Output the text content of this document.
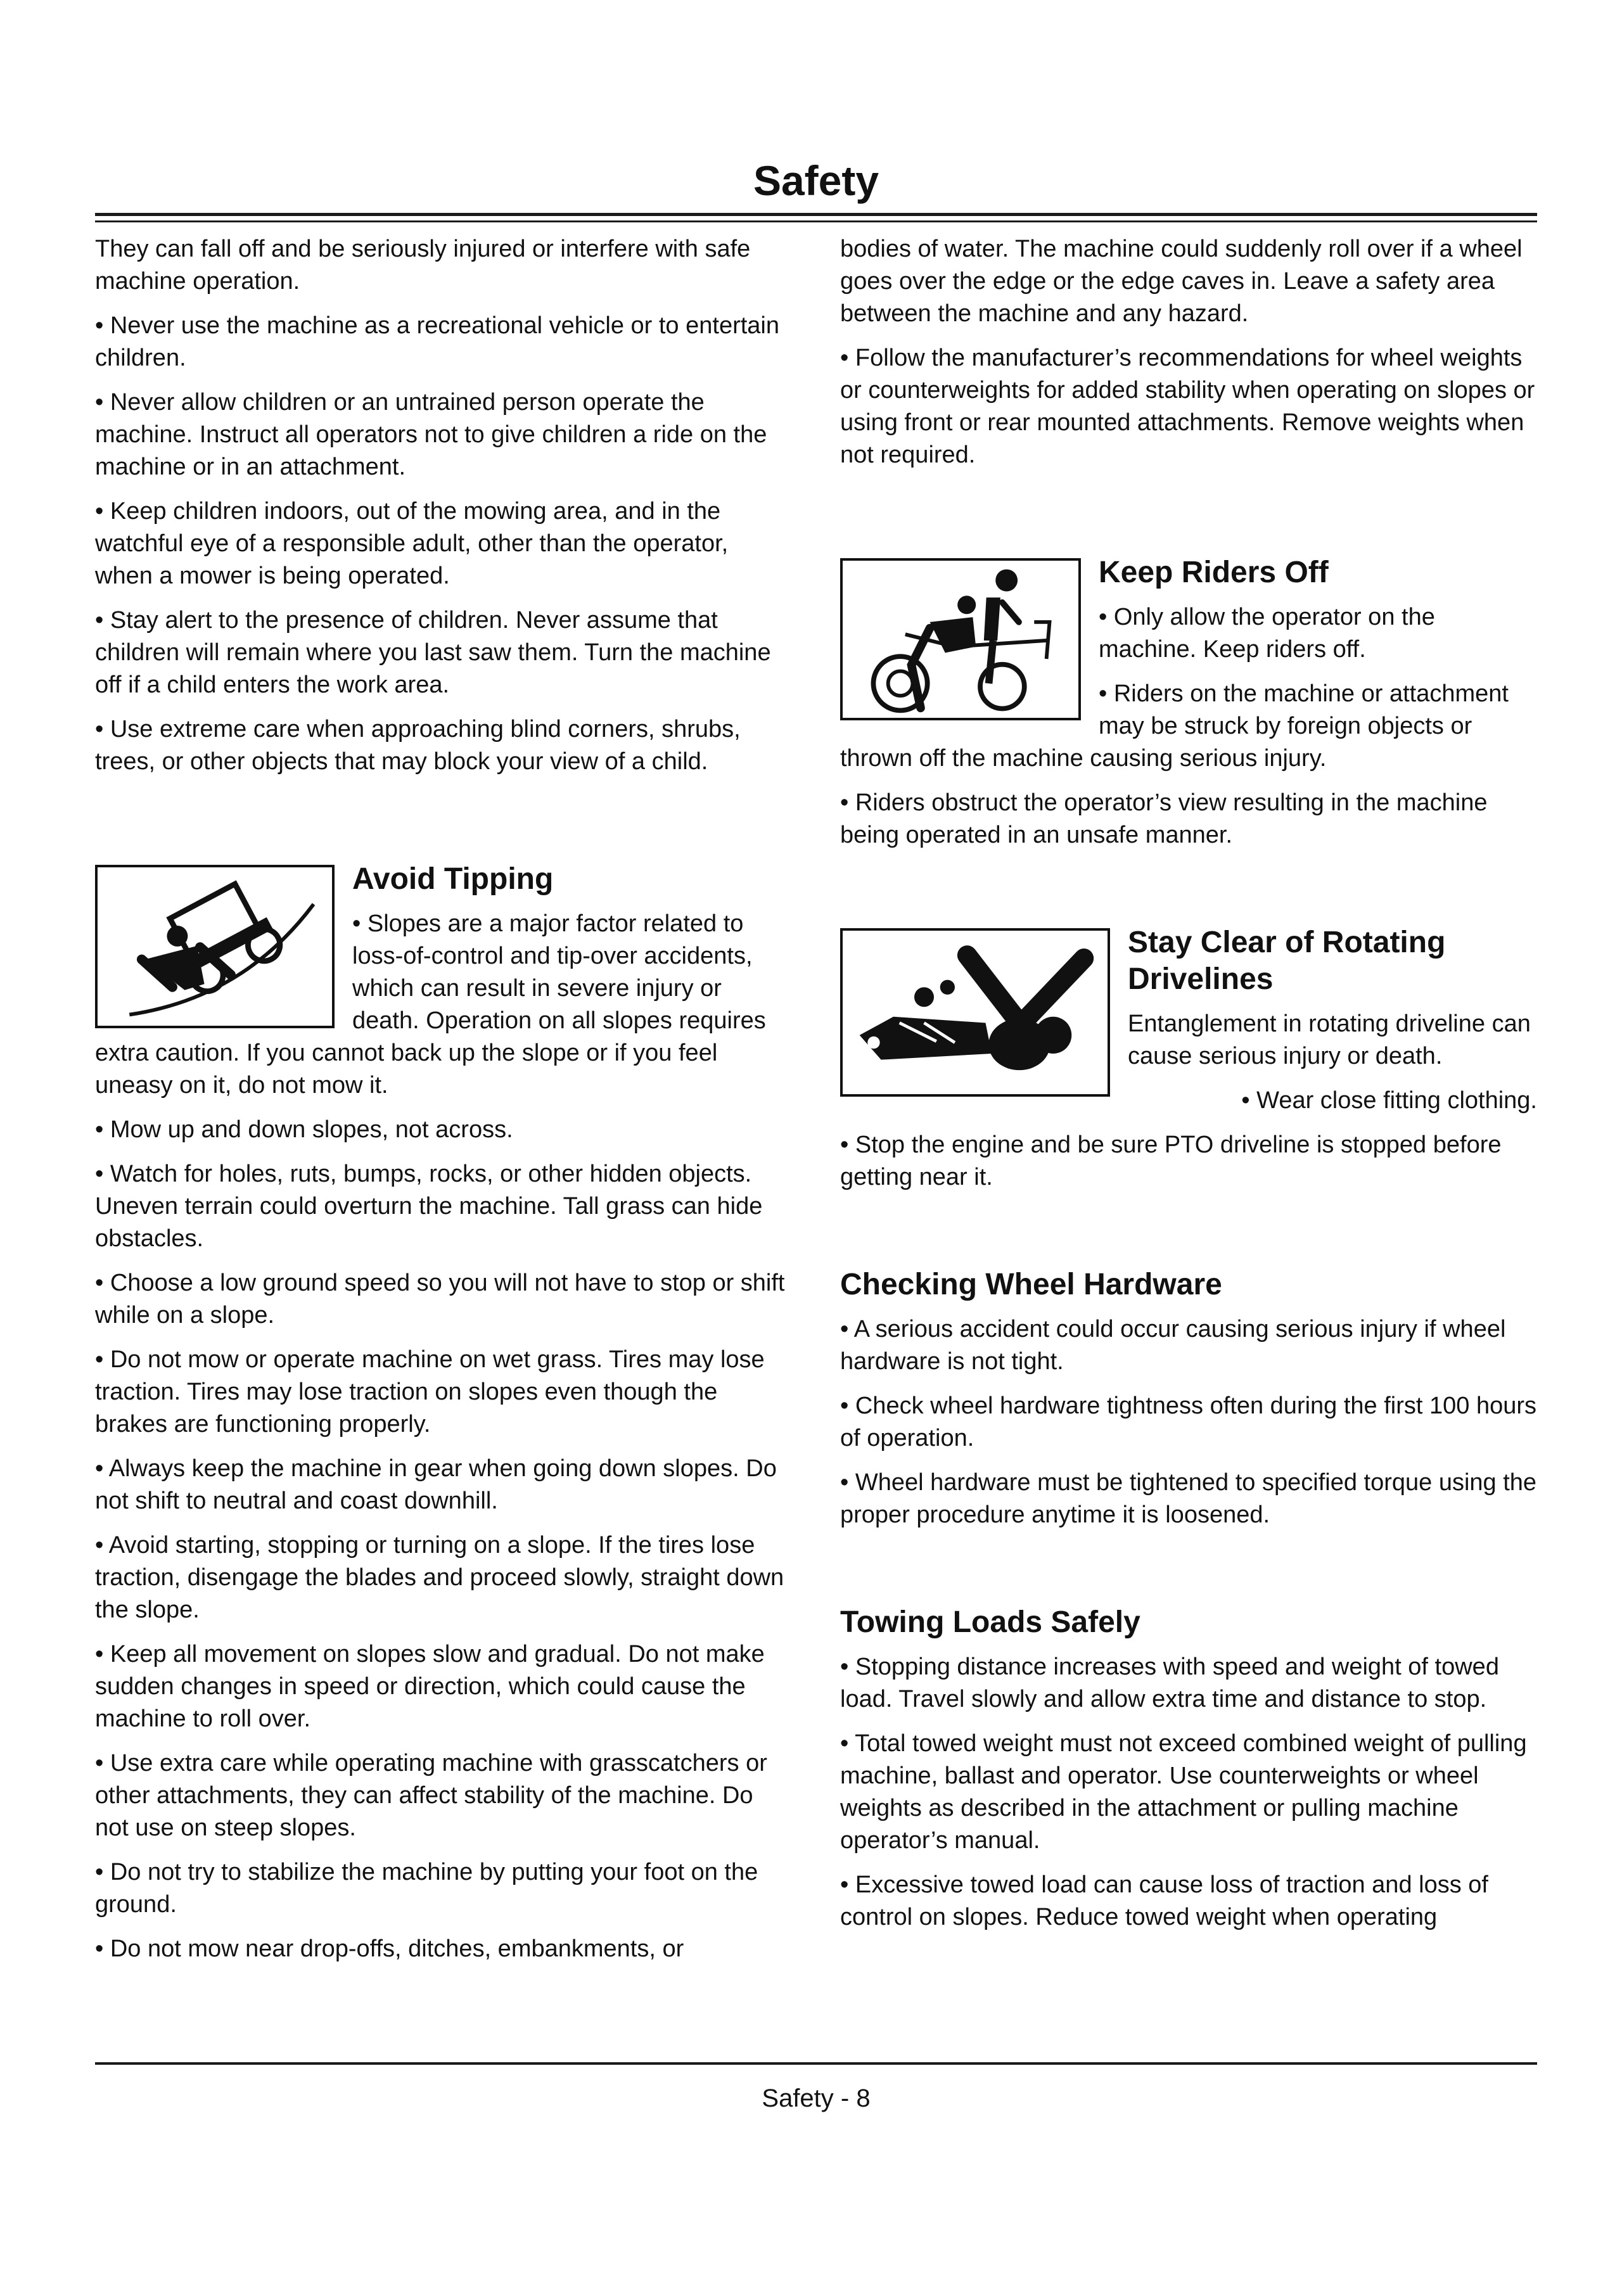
Safety

They can fall off and be seriously injured or interfere with safe machine operation.

• Never use the machine as a recreational vehicle or to entertain children.

• Never allow children or an untrained person operate the machine. Instruct all operators not to give children a ride on the machine or in an attachment.

• Keep children indoors, out of the mowing area, and in the watchful eye of a responsible adult, other than the operator, when a mower is being operated.

• Stay alert to the presence of children. Never assume that children will remain where you last saw them. Turn the machine off if a child enters the work area.

• Use extreme care when approaching blind corners, shrubs, trees, or other objects that may block your view of a child.

Avoid Tipping

• Slopes are a major factor related to loss-of-control and tip-over accidents, which can result in severe injury or death. Operation on all slopes requires extra caution. If you cannot back up the slope or if you feel uneasy on it, do not mow it.

• Mow up and down slopes, not across.

• Watch for holes, ruts, bumps, rocks, or other hidden objects. Uneven terrain could overturn the machine. Tall grass can hide obstacles.

• Choose a low ground speed so you will not have to stop or shift while on a slope.

• Do not mow or operate machine on wet grass. Tires may lose traction. Tires may lose traction on slopes even though the brakes are functioning properly.

• Always keep the machine in gear when going down slopes. Do not shift to neutral and coast downhill.

• Avoid starting, stopping or turning on a slope. If the tires lose traction, disengage the blades and proceed slowly, straight down the slope.

• Keep all movement on slopes slow and gradual. Do not make sudden changes in speed or direction, which could cause the machine to roll over.

• Use extra care while operating machine with grasscatchers or other attachments, they can affect stability of the machine. Do not use on steep slopes.

• Do not try to stabilize the machine by putting your foot on the ground.

• Do not mow near drop-offs, ditches, embankments, or

bodies of water. The machine could suddenly roll over if a wheel goes over the edge or the edge caves in. Leave a safety area between the machine and any hazard.

• Follow the manufacturer’s recommendations for wheel weights or counterweights for added stability when operating on slopes or using front or rear mounted attachments. Remove weights when not required.

Keep Riders Off

• Only allow the operator on the machine. Keep riders off.

• Riders on the machine or attachment may be struck by foreign objects or thrown off the machine causing serious injury.

• Riders obstruct the operator’s view resulting in the machine being operated in an unsafe manner.

Stay Clear of Rotating Drivelines

Entanglement in rotating driveline can cause serious injury or death.

• Wear close fitting clothing.

• Stop the engine and be sure PTO driveline is stopped before getting near it.

Checking Wheel Hardware

• A serious accident could occur causing serious injury if wheel hardware is not tight.

• Check wheel hardware tightness often during the first 100 hours of operation.

• Wheel hardware must be tightened to specified torque using the proper procedure anytime it is loosened.

Towing Loads Safely

• Stopping distance increases with speed and weight of towed load. Travel slowly and allow extra time and distance to stop.

• Total towed weight must not exceed combined weight of pulling machine, ballast and operator. Use counterweights or wheel weights as described in the attachment or pulling machine operator’s manual.

• Excessive towed load can cause loss of traction and loss of control on slopes. Reduce towed weight when operating

Safety - 8
